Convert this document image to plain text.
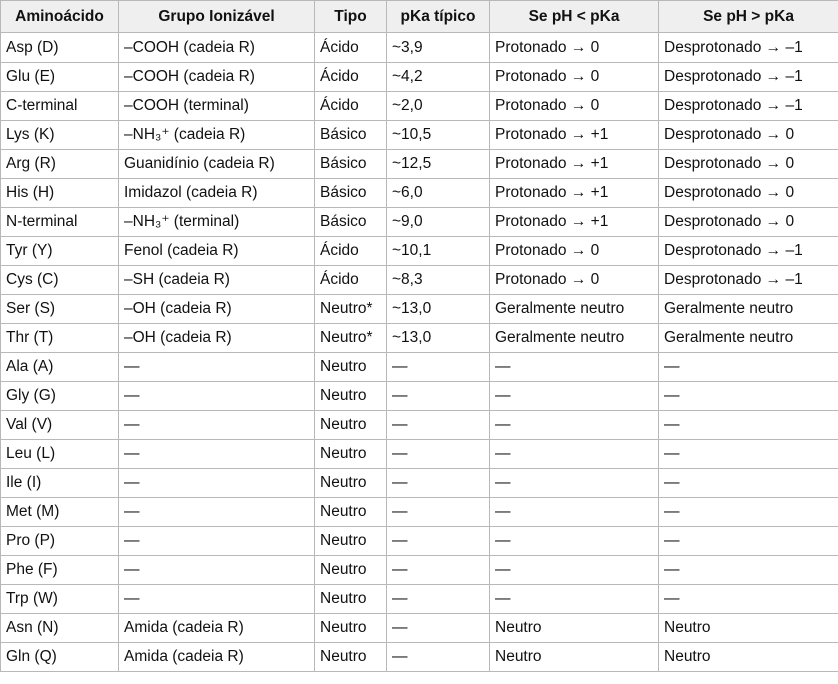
Aminoácido	Grupo Ionizável	Tipo	pKa típico	Se pH < pKa	Se pH > pKa
Asp (D)	–COOH (cadeia R)	Ácido	~3,9	Protonado → 0	Desprotonado → –1
Glu (E)	–COOH (cadeia R)	Ácido	~4,2	Protonado → 0	Desprotonado → –1
C-terminal	–COOH (terminal)	Ácido	~2,0	Protonado → 0	Desprotonado → –1
Lys (K)	–NH₃⁺ (cadeia R)	Básico	~10,5	Protonado → +1	Desprotonado → 0
Arg (R)	Guanidínio (cadeia R)	Básico	~12,5	Protonado → +1	Desprotonado → 0
His (H)	Imidazol (cadeia R)	Básico	~6,0	Protonado → +1	Desprotonado → 0
N-terminal	–NH₃⁺ (terminal)	Básico	~9,0	Protonado → +1	Desprotonado → 0
Tyr (Y)	Fenol (cadeia R)	Ácido	~10,1	Protonado → 0	Desprotonado → –1
Cys (C)	–SH (cadeia R)	Ácido	~8,3	Protonado → 0	Desprotonado → –1
Ser (S)	–OH (cadeia R)	Neutro*	~13,0	Geralmente neutro	Geralmente neutro
Thr (T)	–OH (cadeia R)	Neutro*	~13,0	Geralmente neutro	Geralmente neutro
Ala (A)	—	Neutro	—	—	—
Gly (G)	—	Neutro	—	—	—
Val (V)	—	Neutro	—	—	—
Leu (L)	—	Neutro	—	—	—
Ile (I)	—	Neutro	—	—	—
Met (M)	—	Neutro	—	—	—
Pro (P)	—	Neutro	—	—	—
Phe (F)	—	Neutro	—	—	—
Trp (W)	—	Neutro	—	—	—
Asn (N)	Amida (cadeia R)	Neutro	—	Neutro	Neutro
Gln (Q)	Amida (cadeia R)	Neutro	—	Neutro	Neutro
